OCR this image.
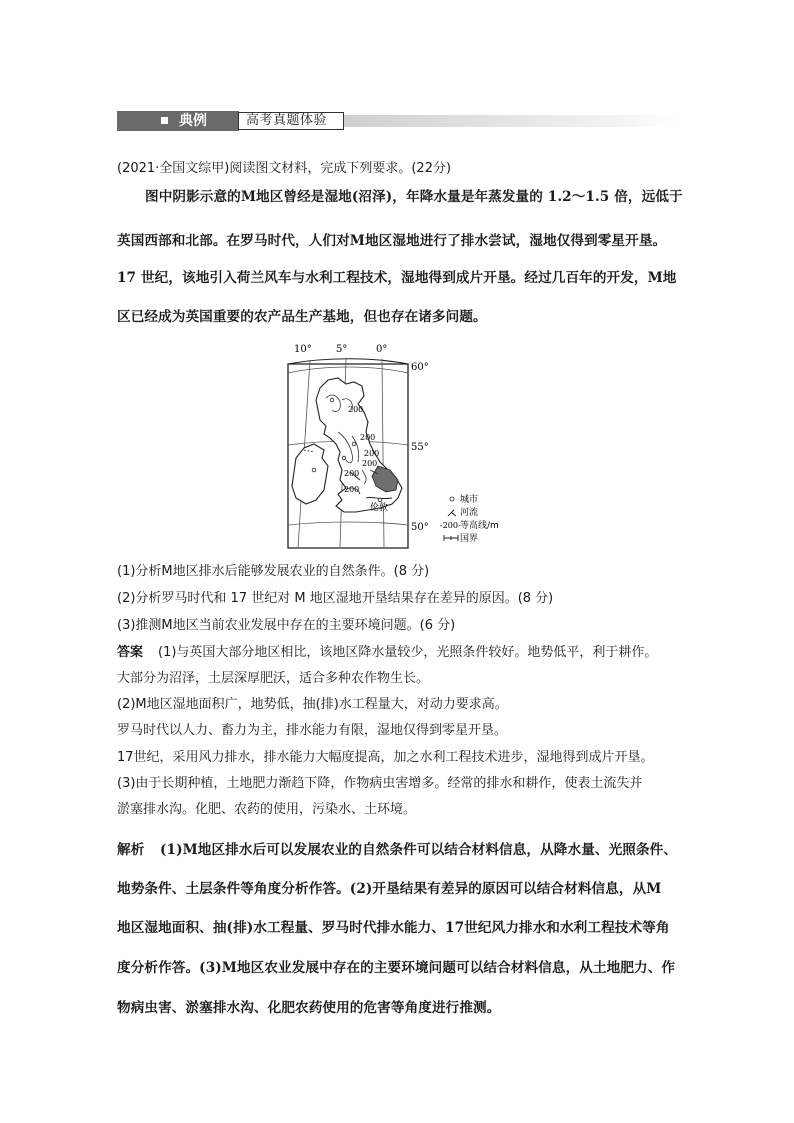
典例	高考真题体验
(2021·全国文综甲)阅读图文材料，完成下列要求。(22分)
图中阴影示意的M地区曾经是湿地(沼泽)，年降水量是年蒸发量的 1.2～1.5 倍，远低于
英国西部和北部。在罗马时代，人们对M地区湿地进行了排水尝试，湿地仅得到零星开垦。
17 世纪，该地引入荷兰风车与水利工程技术，湿地得到成片开垦。经过几百年的开发，M地
区已经成为英国重要的农产品生产基地，但也存在诸多问题。
200
200
200
200
200
200
伦敦
10° 5°	0°
60°
55°
50°
城市
河流
-200- 等高线/m
国界
(1)分析M地区排水后能够发展农业的自然条件。(8 分)
(2)分析罗马时代和 17 世纪对 M 地区湿地开垦结果存在差异的原因。(8 分)
(3)推测M地区当前农业发展中存在的主要环境问题。(6 分)
答案 (1)与英国大部分地区相比，该地区降水量较少，光照条件较好。地势低平，利于耕作。
大部分为沼泽，土层深厚肥沃，适合多种农作物生长。
(2)M地区湿地面积广，地势低，抽(排)水工程量大，对动力要求高。
罗马时代以人力、畜力为主，排水能力有限，湿地仅得到零星开垦。
17世纪，采用风力排水，排水能力大幅度提高，加之水利工程技术进步，湿地得到成片开垦。
(3)由于长期种植，土地肥力渐趋下降，作物病虫害增多。经常的排水和耕作，使表土流失并
淤塞排水沟。化肥、农药的使用，污染水、土环境。
解析 (1)M地区排水后可以发展农业的自然条件可以结合材料信息，从降水量、光照条件、
地势条件、土层条件等角度分析作答。(2)开垦结果有差异的原因可以结合材料信息，从M
地区湿地面积、抽(排)水工程量、罗马时代排水能力、17世纪风力排水和水利工程技术等角
度分析作答。(3)M地区农业发展中存在的主要环境问题可以结合材料信息，从土地肥力、作
物病虫害、淤塞排水沟、化肥农药使用的危害等角度进行推测。
